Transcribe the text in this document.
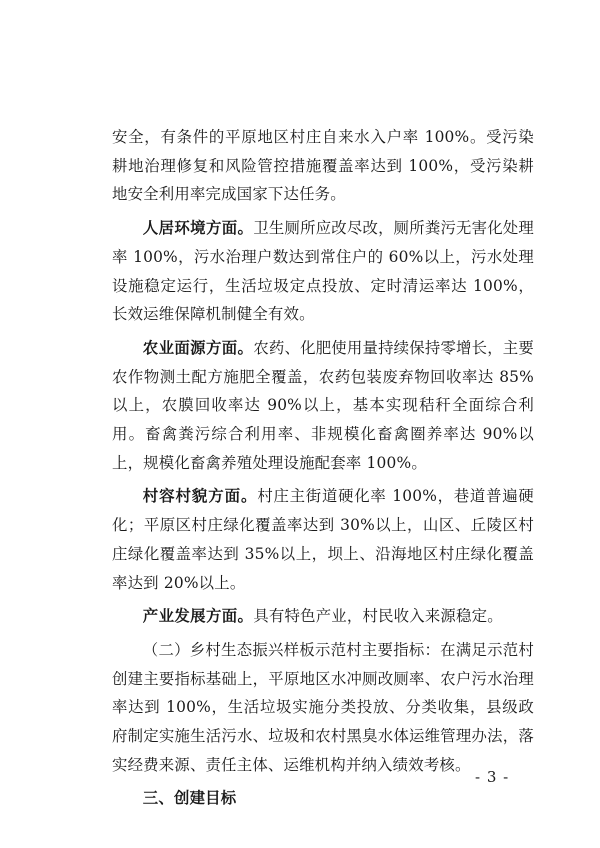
安全，有条件的平原地区村庄自来水入户率 100%。受污染耕地治理修复和风险管控措施覆盖率达到 100%，受污染耕地安全利用率完成国家下达任务。

人居环境方面。卫生厕所应改尽改，厕所粪污无害化处理率 100%，污水治理户数达到常住户的 60%以上，污水处理设施稳定运行，生活垃圾定点投放、定时清运率达 100%，长效运维保障机制健全有效。

农业面源方面。农药、化肥使用量持续保持零增长，主要农作物测土配方施肥全覆盖，农药包装废弃物回收率达 85%以上，农膜回收率达 90%以上，基本实现秸秆全面综合利用。畜禽粪污综合利用率、非规模化畜禽圈养率达 90%以上，规模化畜禽养殖处理设施配套率 100%。

村容村貌方面。村庄主街道硬化率 100%，巷道普遍硬化；平原区村庄绿化覆盖率达到 30%以上，山区、丘陵区村庄绿化覆盖率达到 35%以上，坝上、沿海地区村庄绿化覆盖率达到 20%以上。

产业发展方面。具有特色产业，村民收入来源稳定。

（二）乡村生态振兴样板示范村主要指标：在满足示范村创建主要指标基础上，平原地区水冲厕改厕率、农户污水治理率达到 100%，生活垃圾实施分类投放、分类收集，县级政府制定实施生活污水、垃圾和农村黑臭水体运维管理办法，落实经费来源、责任主体、运维机构并纳入绩效考核。

三、创建目标

- 3 -
